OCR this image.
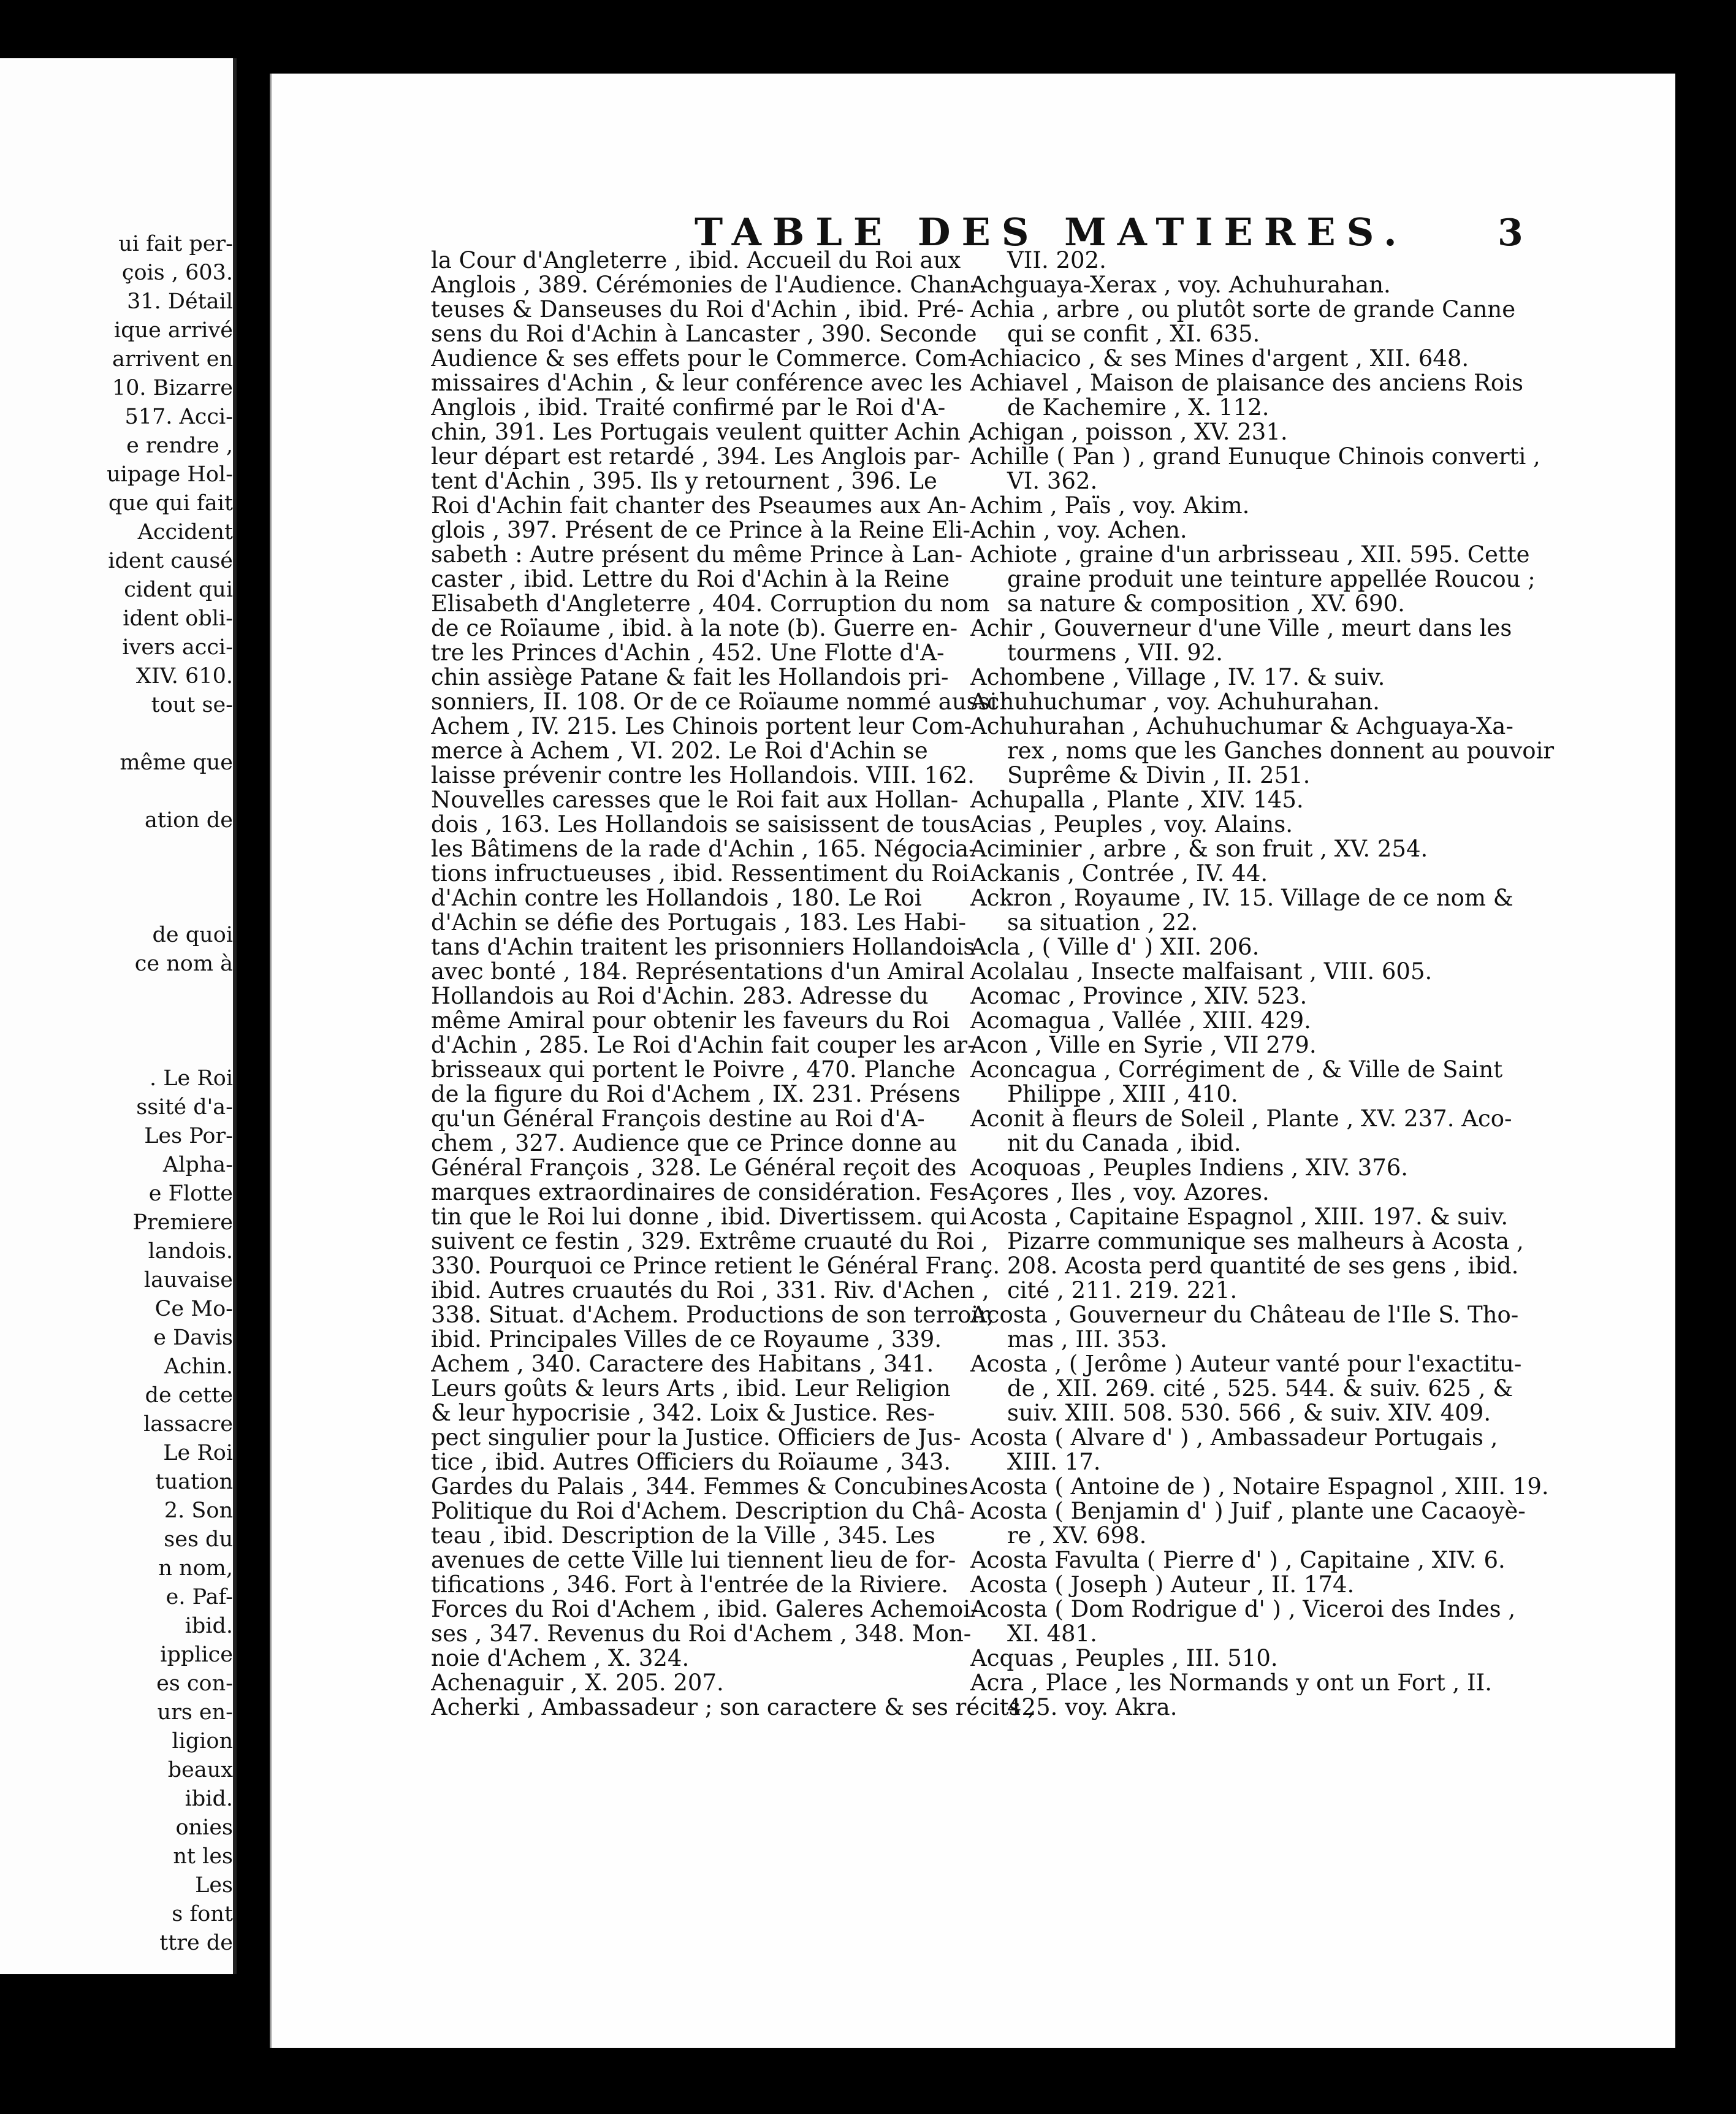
ui fait per-
çois , 603.
31. Détail
ique arrivé
arrivent en
10. Bizarre
517. Acci-
e rendre ,
uipage Hol-
que qui fait
Accident
ident causé
cident qui
ident obli-
ivers acci-
XIV. 610.
tout se-
même que
ation de
de quoi
ce nom à
. Le Roi
ssité d'a-
Les Por-
Alpha-
e Flotte
Premiere
landois.
lauvaise
Ce Mo-
e Davis
Achin.
de cette
lassacre
Le Roi
tuation
2. Son
ses du
n nom,
e. Paf-
ibid.
ipplice
es con-
urs en-
ligion
beaux
ibid.
onies
nt les
Les
s font
ttre de
TABLE DES MATIERES. 3
la Cour d'Angleterre , ibid. Accueil du Roi aux
Anglois , 389. Cérémonies de l'Audience. Chan-
teuses & Danseuses du Roi d'Achin , ibid. Pré-
sens du Roi d'Achin à Lancaster , 390. Seconde
Audience & ses effets pour le Commerce. Com-
missaires d'Achin , & leur conférence avec les
Anglois , ibid. Traité confirmé par le Roi d'A-
chin, 391. Les Portugais veulent quitter Achin ,
leur départ est retardé , 394. Les Anglois par-
tent d'Achin , 395. Ils y retournent , 396. Le
Roi d'Achin fait chanter des Pseaumes aux An-
glois , 397. Présent de ce Prince à la Reine Eli-
sabeth : Autre présent du même Prince à Lan-
caster , ibid. Lettre du Roi d'Achin à la Reine
Elisabeth d'Angleterre , 404. Corruption du nom
de ce Roïaume , ibid. à la note (b). Guerre en-
tre les Princes d'Achin , 452. Une Flotte d'A-
chin assiège Patane & fait les Hollandois pri-
sonniers, II. 108. Or de ce Roïaume nommé aussi
Achem , IV. 215. Les Chinois portent leur Com-
merce à Achem , VI. 202. Le Roi d'Achin se
laisse prévenir contre les Hollandois. VIII. 162.
Nouvelles caresses que le Roi fait aux Hollan-
dois , 163. Les Hollandois se saisissent de tous
les Bâtimens de la rade d'Achin , 165. Négocia-
tions infructueuses , ibid. Ressentiment du Roi
d'Achin contre les Hollandois , 180. Le Roi
d'Achin se défie des Portugais , 183. Les Habi-
tans d'Achin traitent les prisonniers Hollandois
avec bonté , 184. Représentations d'un Amiral
Hollandois au Roi d'Achin. 283. Adresse du
même Amiral pour obtenir les faveurs du Roi
d'Achin , 285. Le Roi d'Achin fait couper les ar-
brisseaux qui portent le Poivre , 470. Planche
de la figure du Roi d'Achem , IX. 231. Présens
qu'un Général François destine au Roi d'A-
chem , 327. Audience que ce Prince donne au
Général François , 328. Le Général reçoit des
marques extraordinaires de considération. Fes-
tin que le Roi lui donne , ibid. Divertissem. qui
suivent ce festin , 329. Extrême cruauté du Roi ,
330. Pourquoi ce Prince retient le Général Franç.
ibid. Autres cruautés du Roi , 331. Riv. d'Achen ,
338. Situat. d'Achem. Productions de son terroir,
ibid. Principales Villes de ce Royaume , 339.
Achem , 340. Caractere des Habitans , 341.
Leurs goûts & leurs Arts , ibid. Leur Religion
& leur hypocrisie , 342. Loix & Justice. Res-
pect singulier pour la Justice. Officiers de Jus-
tice , ibid. Autres Officiers du Roïaume , 343.
Gardes du Palais , 344. Femmes & Concubines.
Politique du Roi d'Achem. Description du Châ-
teau , ibid. Description de la Ville , 345. Les
avenues de cette Ville lui tiennent lieu de for-
tifications , 346. Fort à l'entrée de la Riviere.
Forces du Roi d'Achem , ibid. Galeres Achemoi-
ses , 347. Revenus du Roi d'Achem , 348. Mon-
noie d'Achem , X. 324.
Achenaguir , X. 205. 207.
Acherki , Ambassadeur ; son caractere & ses récits ,
VII. 202.
Achguaya-Xerax , voy. Achuhurahan.
Achia , arbre , ou plutôt sorte de grande Canne
qui se confit , XI. 635.
Achiacico , & ses Mines d'argent , XII. 648.
Achiavel , Maison de plaisance des anciens Rois
de Kachemire , X. 112.
Achigan , poisson , XV. 231.
Achille ( Pan ) , grand Eunuque Chinois converti ,
VI. 362.
Achim , Païs , voy. Akim.
Achin , voy. Achen.
Achiote , graine d'un arbrisseau , XII. 595. Cette
graine produit une teinture appellée Roucou ;
sa nature & composition , XV. 690.
Achir , Gouverneur d'une Ville , meurt dans les
tourmens , VII. 92.
Achombene , Village , IV. 17. & suiv.
Achuhuchumar , voy. Achuhurahan.
Achuhurahan , Achuhuchumar & Achguaya-Xa-
rex , noms que les Ganches donnent au pouvoir
Suprême & Divin , II. 251.
Achupalla , Plante , XIV. 145.
Acias , Peuples , voy. Alains.
Aciminier , arbre , & son fruit , XV. 254.
Ackanis , Contrée , IV. 44.
Ackron , Royaume , IV. 15. Village de ce nom &
sa situation , 22.
Acla , ( Ville d' ) XII. 206.
Acolalau , Insecte malfaisant , VIII. 605.
Acomac , Province , XIV. 523.
Acomagua , Vallée , XIII. 429.
Acon , Ville en Syrie , VII 279.
Aconcagua , Corrégiment de , & Ville de Saint
Philippe , XIII , 410.
Aconit à fleurs de Soleil , Plante , XV. 237. Aco-
nit du Canada , ibid.
Acoquoas , Peuples Indiens , XIV. 376.
Açores , Iles , voy. Azores.
Acosta , Capitaine Espagnol , XIII. 197. & suiv.
Pizarre communique ses malheurs à Acosta ,
208. Acosta perd quantité de ses gens , ibid.
cité , 211. 219. 221.
Acosta , Gouverneur du Château de l'Ile S. Tho-
mas , III. 353.
Acosta , ( Jerôme ) Auteur vanté pour l'exactitu-
de , XII. 269. cité , 525. 544. & suiv. 625 , &
suiv. XIII. 508. 530. 566 , & suiv. XIV. 409.
Acosta ( Alvare d' ) , Ambassadeur Portugais ,
XIII. 17.
Acosta ( Antoine de ) , Notaire Espagnol , XIII. 19.
Acosta ( Benjamin d' ) Juif , plante une Cacaoyè-
re , XV. 698.
Acosta Favulta ( Pierre d' ) , Capitaine , XIV. 6.
Acosta ( Joseph ) Auteur , II. 174.
Acosta ( Dom Rodrigue d' ) , Viceroi des Indes ,
XI. 481.
Acquas , Peuples , III. 510.
Acra , Place , les Normands y ont un Fort , II.
425. voy. Akra.
